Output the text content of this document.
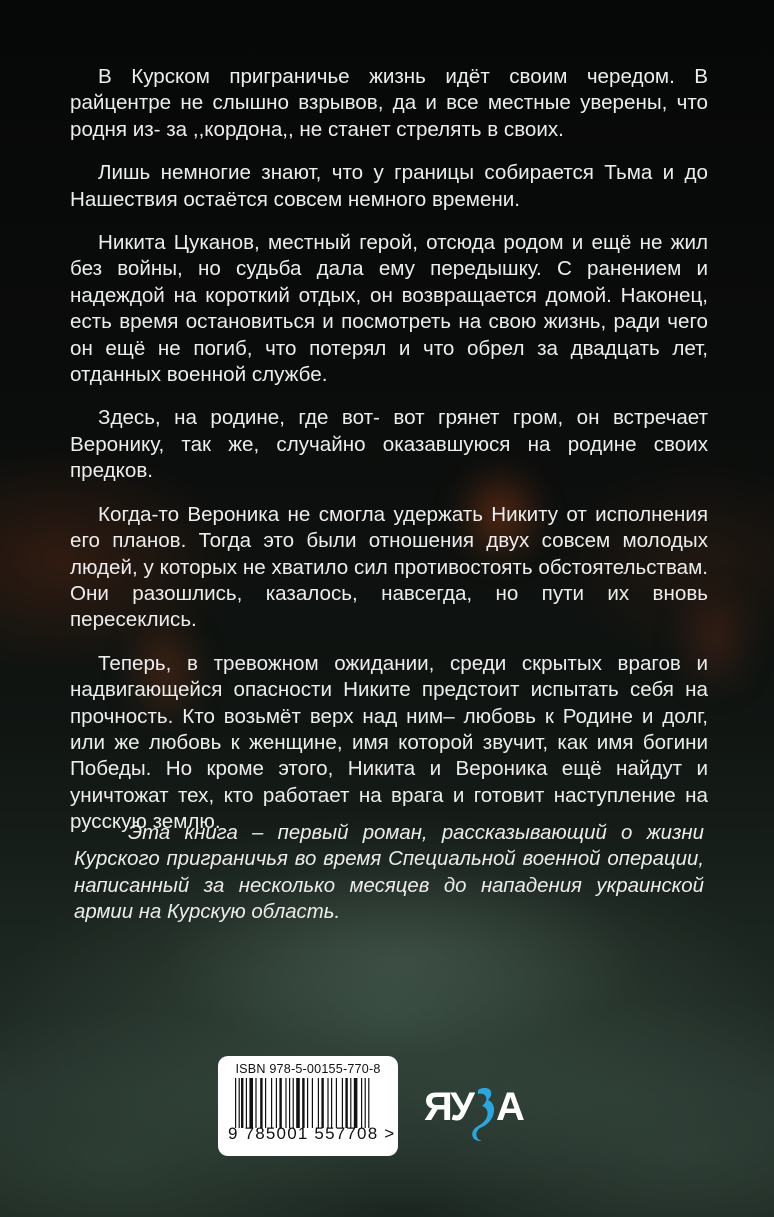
В Курском приграничье жизнь идёт своим чередом. В райцентре не слышно взрывов, да и все местные уверены, что родня из- за ,,кордона,, не станет стрелять в своих.

Лишь немногие знают, что у границы собирается Тьма и до Нашествия остаётся совсем немного времени.

Никита Цуканов, местный герой, отсюда родом и ещё не жил без войны, но судьба дала ему передышку. С ранением и надеждой на короткий отдых, он возвращается домой. Наконец, есть время остановиться и посмотреть на свою жизнь, ради чего он ещё не погиб, что потерял и что обрел за двадцать лет, отданных военной службе.

Здесь, на родине, где вот- вот грянет гром, он встречает Веронику, так же, случайно оказавшуюся на родине своих предков.

Когда-то Вероника не смогла удержать Никиту от исполнения его планов. Тогда это были отношения двух совсем молодых людей, у которых не хватило сил противостоять обстоятельствам. Они разошлись, казалось, навсегда, но пути их вновь пересеклись.

Теперь, в тревожном ожидании, среди скрытых врагов и надвигающейся опасности Никите предстоит испытать себя на прочность. Кто возьмёт верх над ним– любовь к Родине и долг, или же любовь к женщине, имя которой звучит, как имя богини Победы. Но кроме этого, Никита и Вероника ещё найдут и уничтожат тех, кто работает на врага и готовит наступление на русскую землю.

Эта книга – первый роман, рассказывающий о жизни Курского приграничья во время Специальной военной операции, написанный за несколько месяцев до нападения украинской армии на Курскую область.

ISBN 978-5-00155-770-8
9 785001 557708 >
Я
У А
